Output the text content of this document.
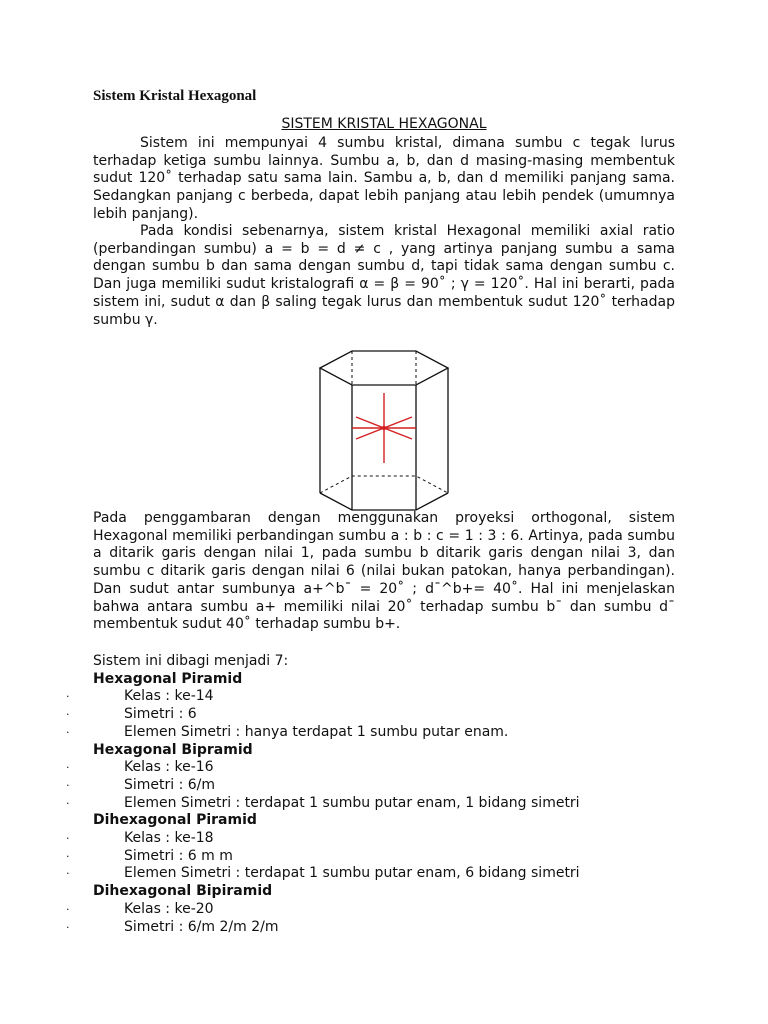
Sistem Kristal Hexagonal

SISTEM KRISTAL HEXAGONAL

Sistem ini mempunyai 4 sumbu kristal, dimana sumbu c tegak lurus terhadap ketiga sumbu lainnya. Sumbu a, b, dan d masing-masing membentuk sudut 120˚ terhadap satu sama lain. Sambu a, b, dan d memiliki panjang sama. Sedangkan panjang c berbeda, dapat lebih panjang atau lebih pendek (umumnya lebih panjang).

Pada kondisi sebenarnya, sistem kristal Hexagonal memiliki axial ratio (perbandingan sumbu) a = b = d ≠ c , yang artinya panjang sumbu a sama dengan sumbu b dan sama dengan sumbu d, tapi tidak sama dengan sumbu c. Dan juga memiliki sudut kristalografi α = β = 90˚ ; γ = 120˚. Hal ini berarti, pada sistem ini, sudut α dan β saling tegak lurus dan membentuk sudut 120˚ terhadap sumbu γ.

Pada penggambaran dengan menggunakan proyeksi orthogonal, sistem Hexagonal memiliki perbandingan sumbu a : b : c = 1 : 3 : 6. Artinya, pada sumbu a ditarik garis dengan nilai 1, pada sumbu b ditarik garis dengan nilai 3, dan sumbu c ditarik garis dengan nilai 6 (nilai bukan patokan, hanya perbandingan). Dan sudut antar sumbunya a+^b¯ = 20˚ ; d¯^b+= 40˚. Hal ini menjelaskan bahwa antara sumbu a+ memiliki nilai 20˚ terhadap sumbu b¯ dan sumbu d¯ membentuk sudut 40˚ terhadap sumbu b+.

Sistem ini dibagi menjadi 7:

Hexagonal Piramid

·	Kelas : ke-14
·	Simetri : 6
·	Elemen Simetri : hanya terdapat 1 sumbu putar enam.

Hexagonal Bipramid

·	Kelas : ke-16
·	Simetri : 6/m
·	Elemen Simetri : terdapat 1 sumbu putar enam, 1 bidang simetri

Dihexagonal Piramid

·	Kelas : ke-18
·	Simetri : 6 m m
·	Elemen Simetri : terdapat 1 sumbu putar enam, 6 bidang simetri

Dihexagonal Bipiramid

·	Kelas : ke-20
·	Simetri : 6/m 2/m 2/m
